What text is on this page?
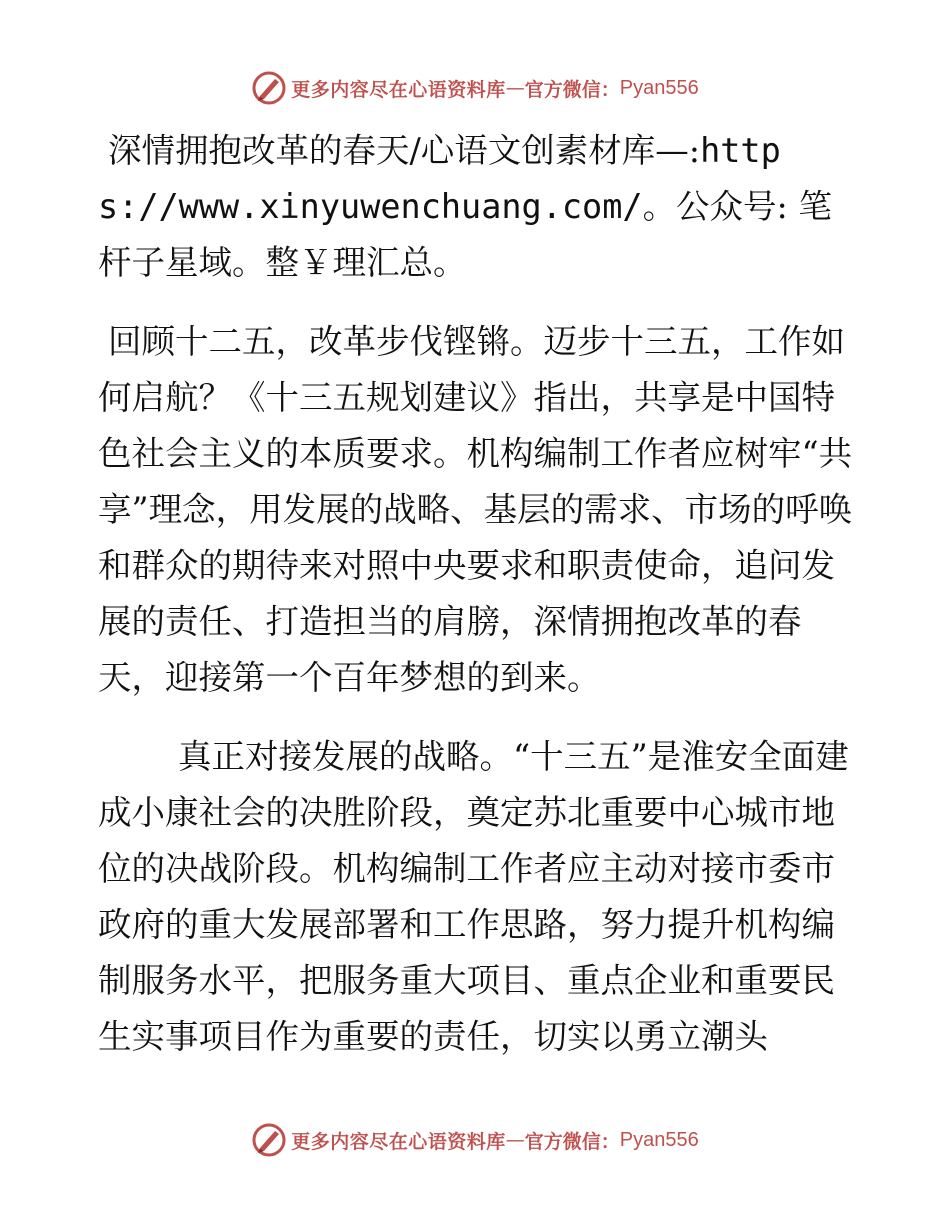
更多内容尽在心语资料库 — 官方微信： Pyan556

深情拥抱改革的春天/心语文创素材库—:https://www.xinyuwenchuang.com/。公众号: 笔杆子星域。整￥理汇总。

回顾十二五，改革步伐铿锵。迈步十三五，工作如何启航？《十三五规划建议》指出，共享是中国特色社会主义的本质要求。机构编制工作者应树牢“共享”理念，用发展的战略、基层的需求、市场的呼唤和群众的期待来对照中央要求和职责使命，追问发展的责任、打造担当的肩膀，深情拥抱改革的春天，迎接第一个百年梦想的到来。

真正对接发展的战略。“十三五”是淮安全面建成小康社会的决胜阶段，奠定苏北重要中心城市地位的决战阶段。机构编制工作者应主动对接市委市政府的重大发展部署和工作思路，努力提升机构编制服务水平，把服务重大项目、重点企业和重要民生实事项目作为重要的责任，切实以勇立潮头

更多内容尽在心语资料库 — 官方微信： Pyan556
